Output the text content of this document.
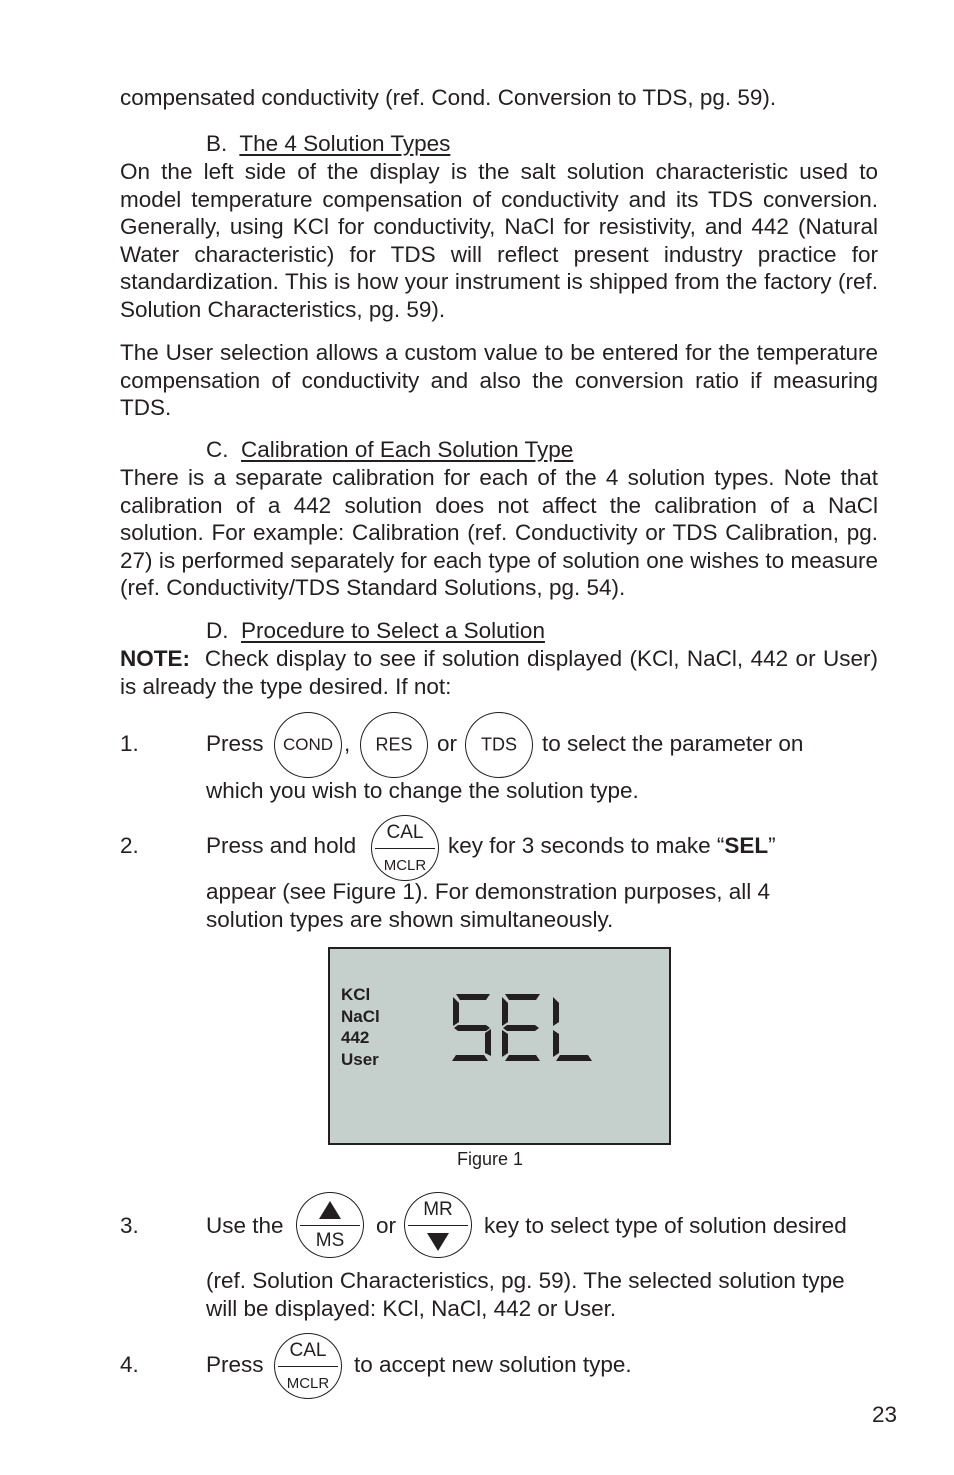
compensated conductivity (ref. Cond. Conversion to TDS, pg. 59).
B. The 4 Solution Types
On the left side of the display is the salt solution characteristic used to model temperature compensation of conductivity and its TDS conversion. Generally, using KCl for conductivity, NaCl for resistivity, and 442 (Natural Water characteristic) for TDS will reflect present industry practice for standardization. This is how your instrument is shipped from the factory (ref. Solution Characteristics, pg. 59).
The User selection allows a custom value to be entered for the temperature compensation of conductivity and also the conversion ratio if measuring TDS.
C. Calibration of Each Solution Type
There is a separate calibration for each of the 4 solution types. Note that calibration of a 442 solution does not affect the calibration of a NaCl solution. For example: Calibration (ref. Conductivity or TDS Calibration, pg. 27) is performed separately for each type of solution one wishes to measure (ref. Conductivity/TDS Standard Solutions, pg. 54).
D. Procedure to Select a Solution
NOTE: Check display to see if solution displayed (KCl, NaCl, 442 or User) is already the type desired. If not:
1.	Press	COND ,	RES	or	TDS	to select the parameter on
which you wish to change the solution type.
2.	Press and hold
CAL
MCLR
key for 3 seconds to make “SEL”
appear (see Figure 1). For demonstration purposes, all 4 solution types are shown simultaneously.
KCl
NaCl
442
User
Figure 1
3.	Use the
MS
or
MR
key to select type of solution desired
(ref. Solution Characteristics, pg. 59). The selected solution type will be displayed: KCl, NaCl, 442 or User.
4.	Press
CAL
MCLR
to accept new solution type.
23
